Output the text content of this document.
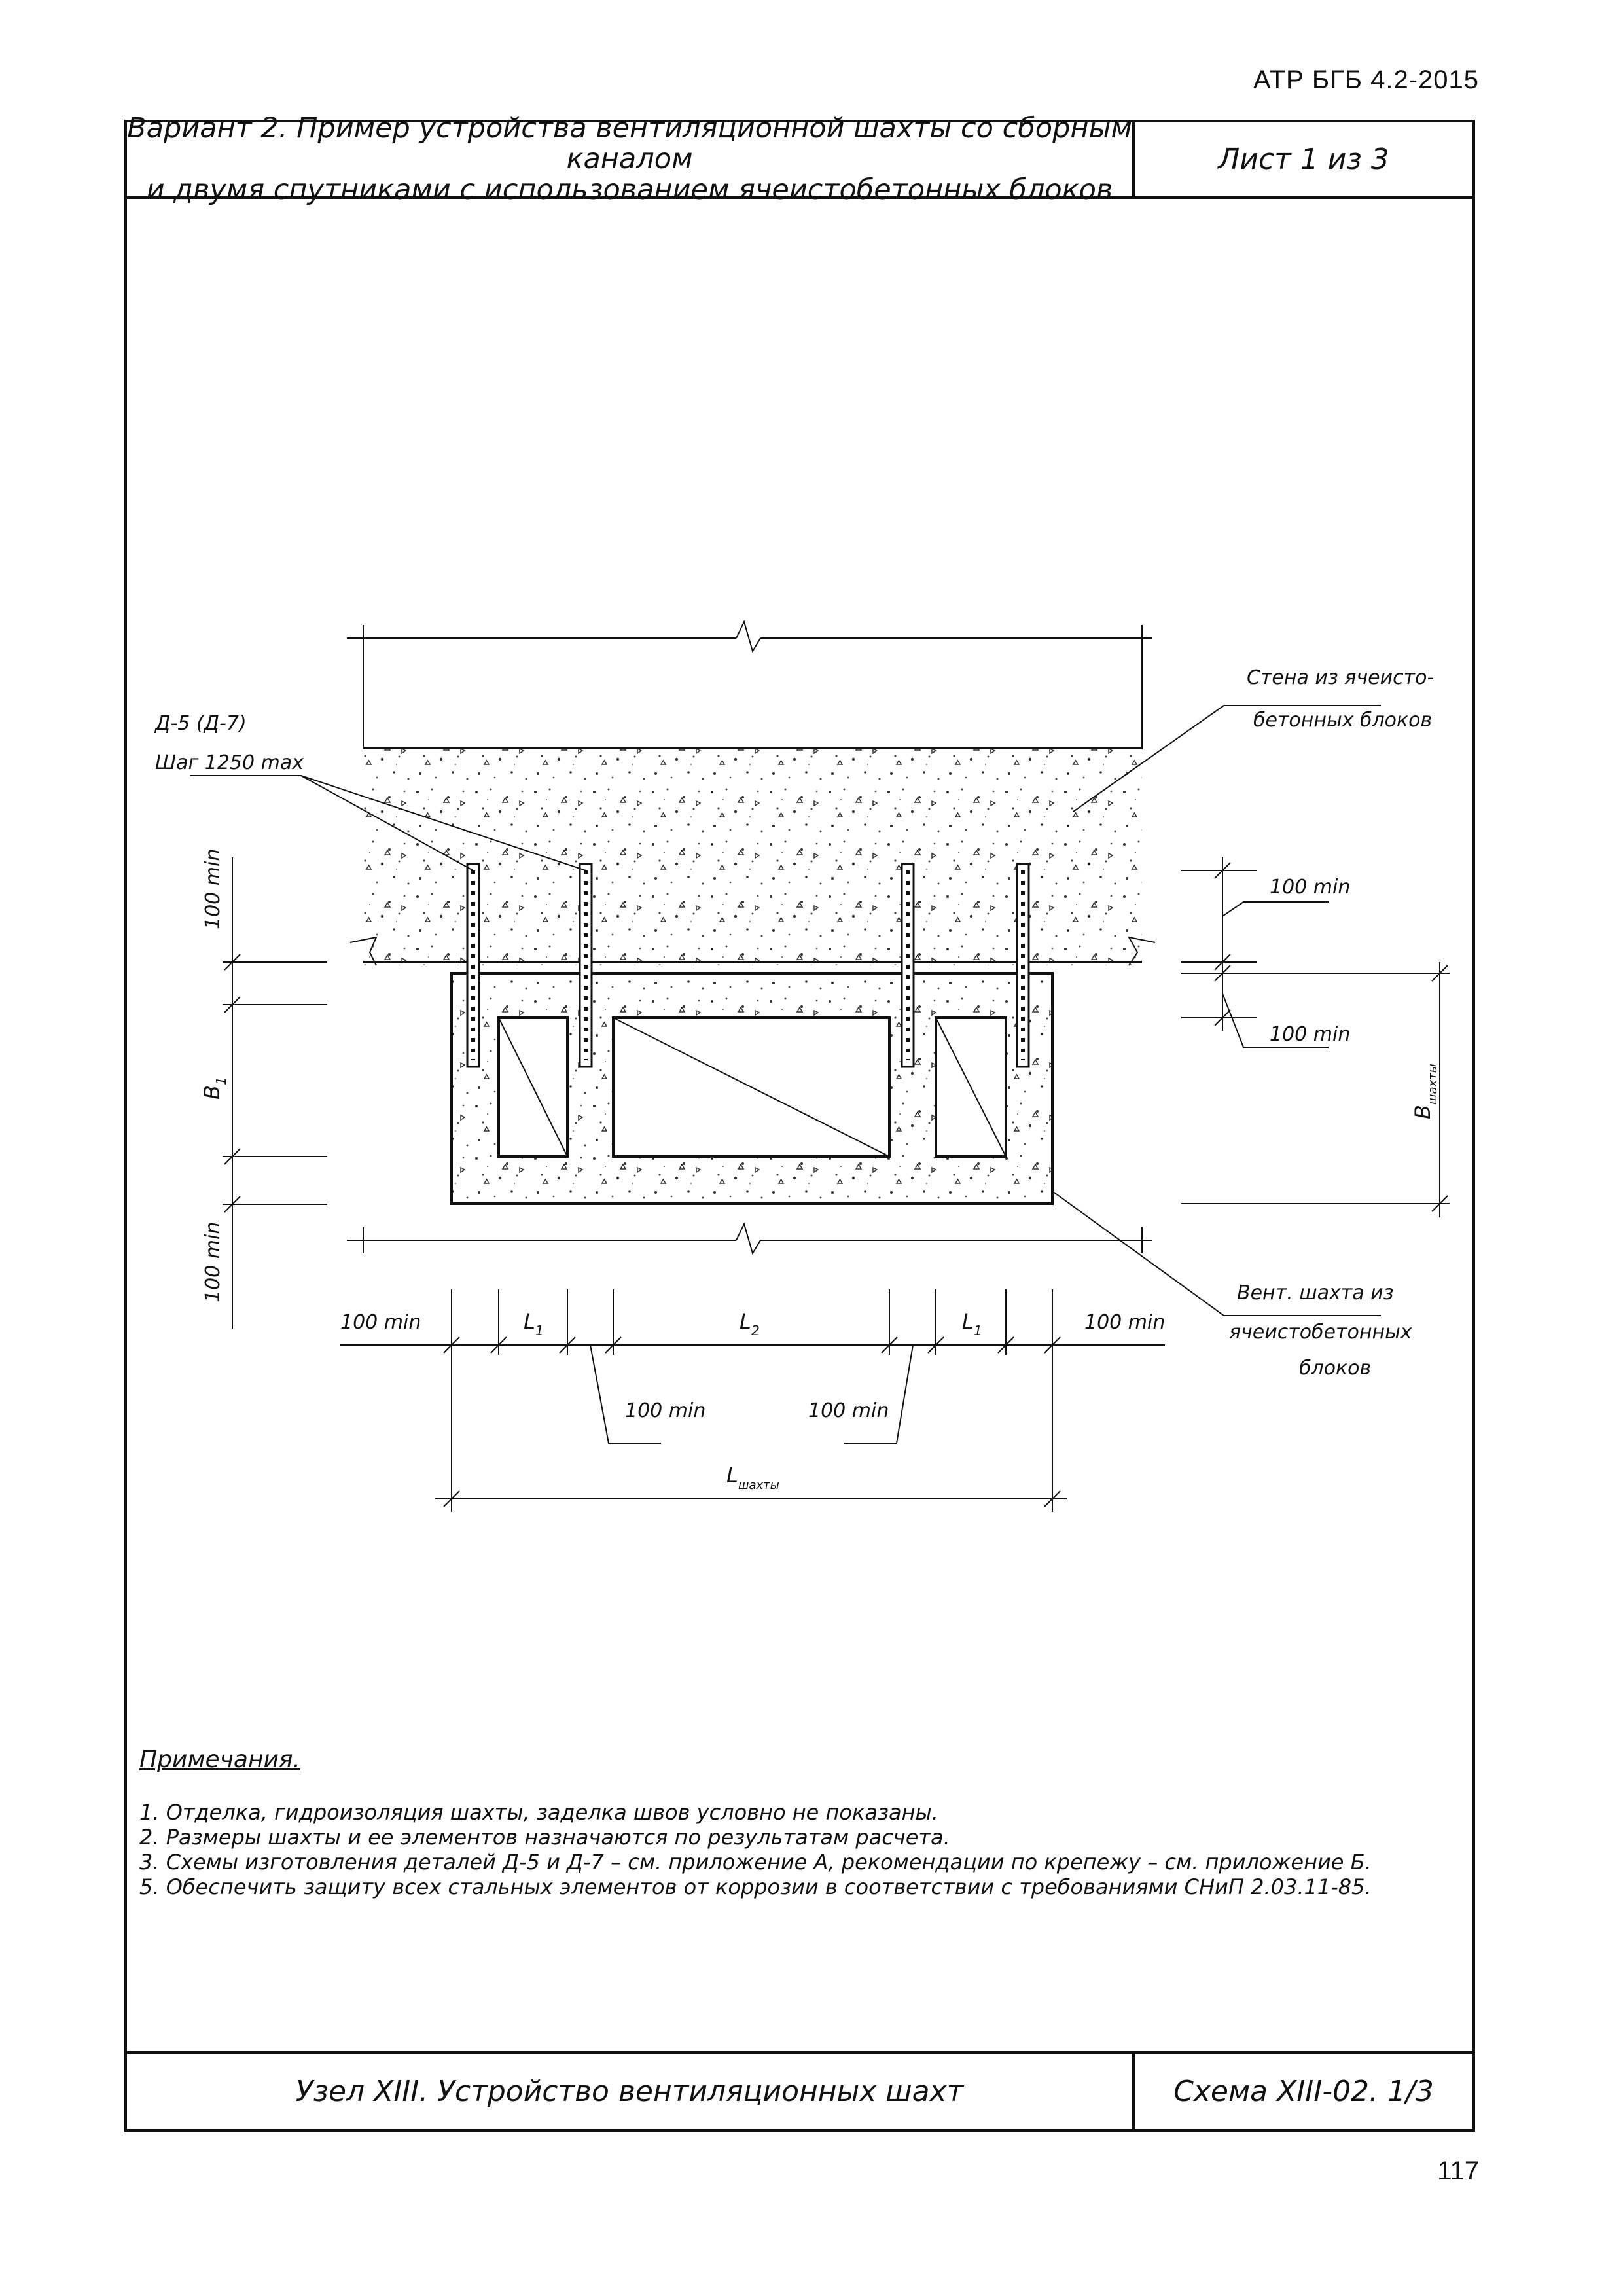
АТР БГБ 4.2-2015
Вариант 2. Пример устройства вентиляционной шахты со сборным каналом
и двумя спутниками с использованием ячеистобетонных блоков
Лист 1 из 3
Узел XIII. Устройство вентиляционных шахт	Схема XIII-02. 1/3
Д-5 (Д-7)
Шаг 1250 max
Стена из ячеисто-
бетонных блоков
Вент. шахта из
ячеистобетонных
блоков
100 min
100 min
100 min	100 min
100 min	100 min
100 min
100 min
B
1
B
шахты
L 1	L 2	L 1
L шахты
Примечания.
1. Отделка, гидроизоляция шахты, заделка швов условно не показаны.
2. Размеры шахты и ее элементов назначаются по результатам расчета.
3. Схемы изготовления деталей Д-5 и Д-7 – см. приложение А, рекомендации по крепежу – см. приложение Б.
5. Обеспечить защиту всех стальных элементов от коррозии в соответствии с требованиями СНиП 2.03.11-85.
117
